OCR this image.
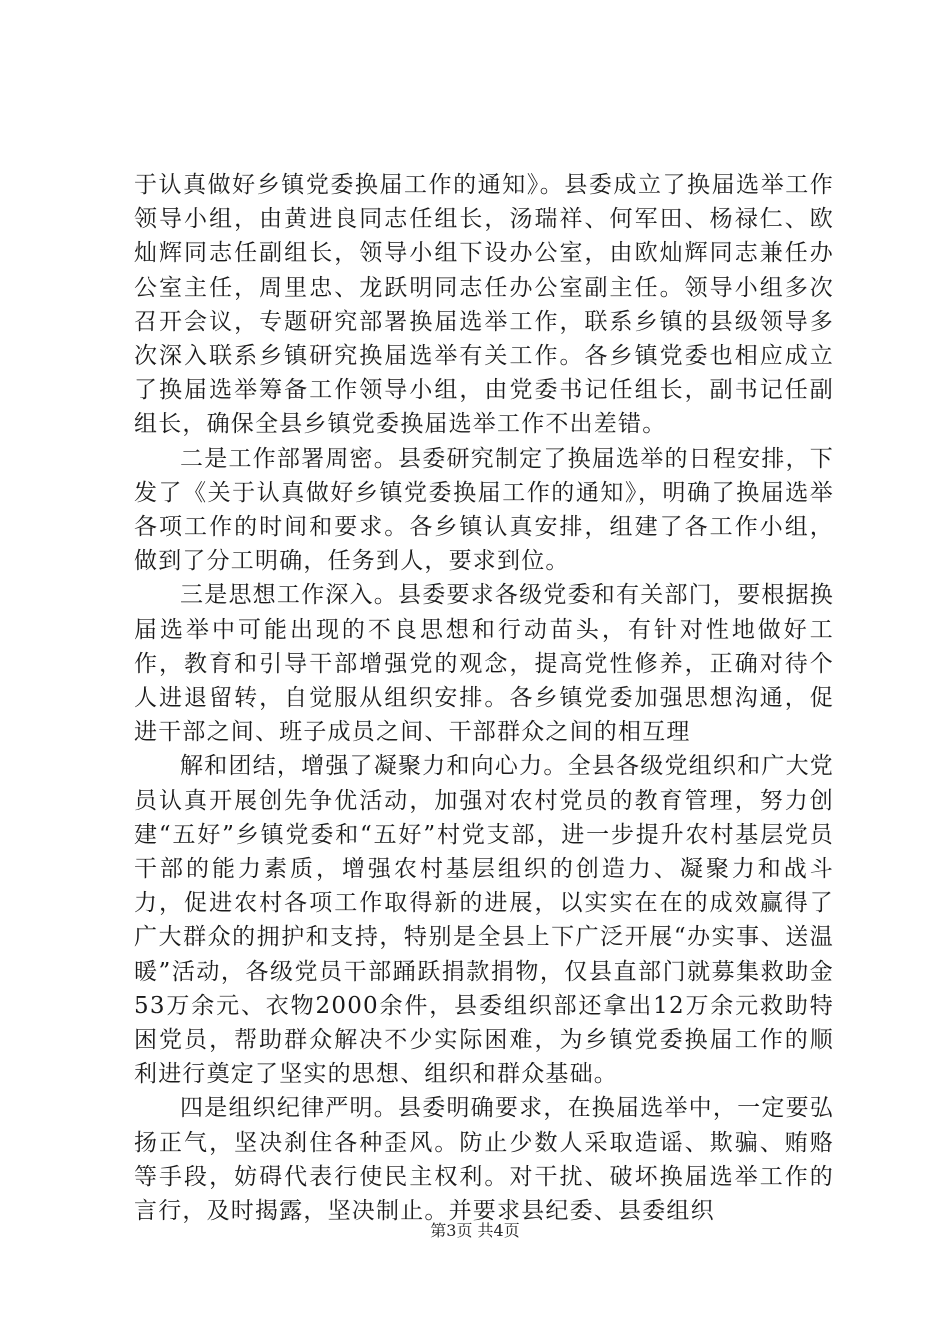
于认真做好乡镇党委换届工作的通知》。县委成立了换届选举工作领导小组，由黄进良同志任组长，汤瑞祥、何军田、杨禄仁、欧灿辉同志任副组长，领导小组下设办公室，由欧灿辉同志兼任办公室主任，周里忠、龙跃明同志任办公室副主任。领导小组多次召开会议，专题研究部署换届选举工作，联系乡镇的县级领导多次深入联系乡镇研究换届选举有关工作。各乡镇党委也相应成立了换届选举筹备工作领导小组，由党委书记任组长，副书记任副组长，确保全县乡镇党委换届选举工作不出差错。

二是工作部署周密。县委研究制定了换届选举的日程安排，下发了《关于认真做好乡镇党委换届工作的通知》，明确了换届选举各项工作的时间和要求。各乡镇认真安排，组建了各工作小组，做到了分工明确，任务到人，要求到位。

三是思想工作深入。县委要求各级党委和有关部门，要根据换届选举中可能出现的不良思想和行动苗头，有针对性地做好工作，教育和引导干部增强党的观念，提高党性修养，正确对待个人进退留转，自觉服从组织安排。各乡镇党委加强思想沟通，促进干部之间、班子成员之间、干部群众之间的相互理

解和团结，增强了凝聚力和向心力。全县各级党组织和广大党员认真开展创先争优活动，加强对农村党员的教育管理，努力创建“五好”乡镇党委和“五好”村党支部，进一步提升农村基层党员干部的能力素质，增强农村基层组织的创造力、凝聚力和战斗力，促进农村各项工作取得新的进展，以实实在在的成效赢得了广大群众的拥护和支持，特别是全县上下广泛开展“办实事、送温暖”活动，各级党员干部踊跃捐款捐物，仅县直部门就募集救助金53万余元、衣物2000余件，县委组织部还拿出12万余元救助特困党员，帮助群众解决不少实际困难，为乡镇党委换届工作的顺利进行奠定了坚实的思想、组织和群众基础。

四是组织纪律严明。县委明确要求，在换届选举中，一定要弘扬正气，坚决刹住各种歪风。防止少数人采取造谣、欺骗、贿赂等手段，妨碍代表行使民主权利。对干扰、破坏换届选举工作的言行，及时揭露，坚决制止。并要求县纪委、县委组织

第3页 共4页
